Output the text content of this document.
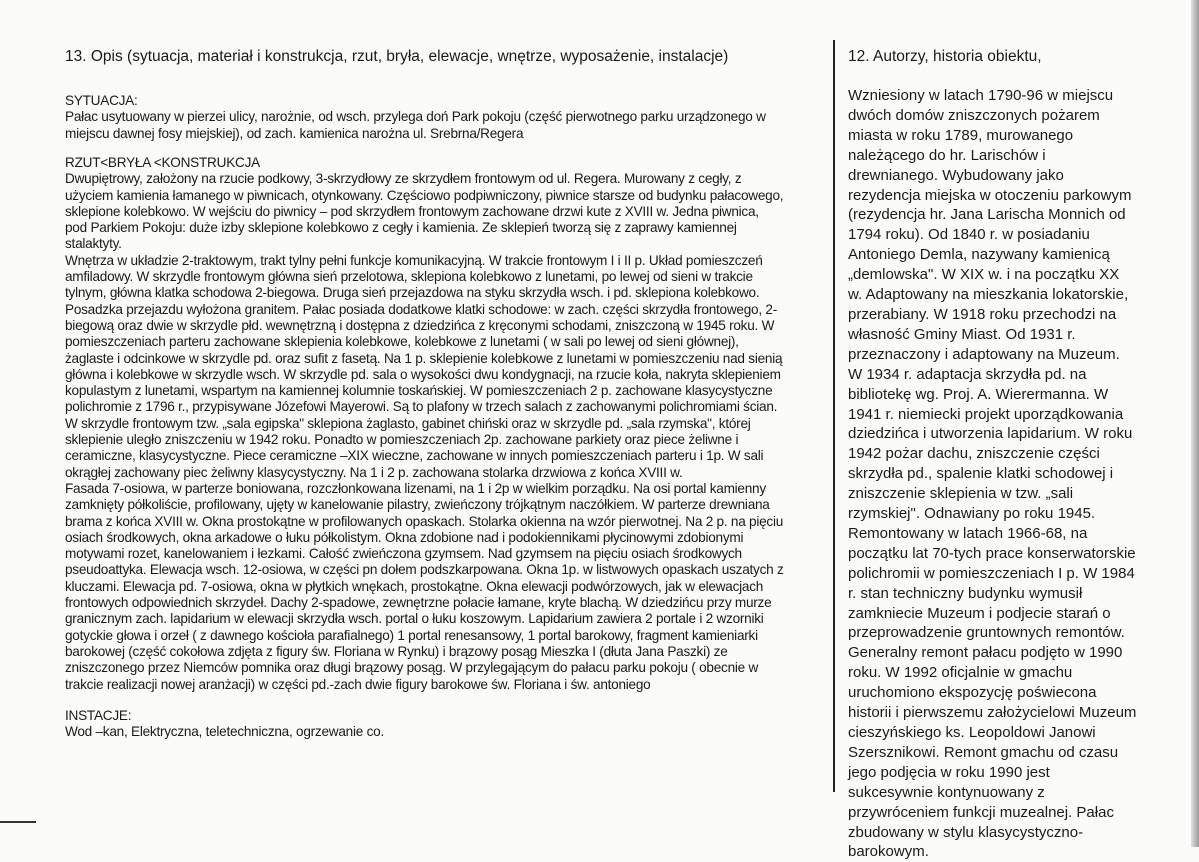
13. Opis (sytuacja, materiał i konstrukcja, rzut, bryła, elewacje, wnętrze, wyposażenie, instalacje)	12. Autorzy, historia obiektu,
SYTUACJA:
Pałac usytuowany w pierzei ulicy, narożnie, od wsch. przylega doń Park pokoju (część pierwotnego parku urządzonego w
miejscu dawnej fosy miejskiej), od zach. kamienica narożna ul. Srebrna/Regera
RZUT<BRYŁA <KONSTRUKCJA
Dwupiętrowy, założony na rzucie podkowy, 3-skrzydłowy ze skrzydłem frontowym od ul. Regera. Murowany z cegły, z
użyciem kamienia łamanego w piwnicach, otynkowany. Częściowo podpiwniczony, piwnice starsze od budynku pałacowego,
sklepione kolebkowo. W wejściu do piwnicy – pod skrzydłem frontowym zachowane drzwi kute z XVIII w. Jedna piwnica,
pod Parkiem Pokoju: duże izby sklepione kolebkowo z cegły i kamienia. Ze sklepień tworzą się z zaprawy kamiennej
stalaktyty.
Wnętrza w układzie 2-traktowym, trakt tylny pełni funkcje komunikacyjną. W trakcie frontowym I i II p. Układ pomieszczeń
amfiladowy. W skrzydle frontowym główna sień przelotowa, sklepiona kolebkowo z lunetami, po lewej od sieni w trakcie
tylnym, główna klatka schodowa 2-biegowa. Druga sień przejazdowa na styku skrzydła wsch. i pd. sklepiona kolebkowo.
Posadzka przejazdu wyłożona granitem. Pałac posiada dodatkowe klatki schodowe: w zach. części skrzydła frontowego, 2-
biegową oraz dwie w skrzydle płd. wewnętrzną i dostępna z dziedzińca z kręconymi schodami, zniszczoną w 1945 roku. W
pomieszczeniach parteru zachowane sklepienia kolebkowe, kolebkowe z lunetami ( w sali po lewej od sieni głównej),
żaglaste i odcinkowe w skrzydle pd. oraz sufit z fasetą. Na 1 p. sklepienie kolebkowe z lunetami w pomieszczeniu nad sienią
główna i kolebkowe w skrzydle wsch. W skrzydle pd. sala o wysokości dwu kondygnacji, na rzucie koła, nakryta sklepieniem
kopulastym z lunetami, wspartym na kamiennej kolumnie toskańskiej. W pomieszczeniach 2 p. zachowane klasycystyczne
polichromie z 1796 r., przypisywane Józefowi Mayerowi. Są to plafony w trzech salach z zachowanymi polichromiami ścian.
W skrzydle frontowym tzw. „sala egipska" sklepiona żaglasto, gabinet chiński oraz w skrzydle pd. „sala rzymska", której
sklepienie uległo zniszczeniu w 1942 roku. Ponadto w pomieszczeniach 2p. zachowane parkiety oraz piece żeliwne i
ceramiczne, klasycystyczne. Piece ceramiczne –XIX wieczne, zachowane w innych pomieszczeniach parteru i 1p. W sali
okrągłej zachowany piec żeliwny klasycystyczny. Na 1 i 2 p. zachowana stolarka drzwiowa z końca XVIII w.
Fasada 7-osiowa, w parterze boniowana, rozczłonkowana lizenami, na 1 i 2p w wielkim porządku. Na osi portal kamienny
zamknięty półkoliście, profilowany, ujęty w kanelowanie pilastry, zwieńczony trójkątnym naczółkiem. W parterze drewniana
brama z końca XVIII w. Okna prostokątne w profilowanych opaskach. Stolarka okienna na wzór pierwotnej. Na 2 p. na pięciu
osiach środkowych, okna arkadowe o łuku półkolistym. Okna zdobione nad i podokiennikami płycinowymi zdobionymi
motywami rozet, kanelowaniem i łezkami. Całość zwieńczona gzymsem. Nad gzymsem na pięciu osiach środkowych
pseudoattyka. Elewacja wsch. 12-osiowa, w części pn dołem podszkarpowana. Okna 1p. w listwowych opaskach uszatych z
kluczami. Elewacja pd. 7-osiowa, okna w płytkich wnękach, prostokątne. Okna elewacji podwórzowych, jak w elewacjach
frontowych odpowiednich skrzydeł. Dachy 2-spadowe, zewnętrzne połacie łamane, kryte blachą. W dziedzińcu przy murze
granicznym zach. lapidarium w elewacji skrzydła wsch. portal o łuku koszowym. Lapidarium zawiera 2 portale i 2 wzorniki
gotyckie głowa i orzeł ( z dawnego kościoła parafialnego) 1 portal renesansowy, 1 portal barokowy, fragment kamieniarki
barokowej (część cokołowa zdjęta z figury św. Floriana w Rynku) i brązowy posąg Mieszka I (dłuta Jana Paszki) ze
zniszczonego przez Niemców pomnika oraz długi brązowy posąg. W przylegającym do pałacu parku pokoju ( obecnie w
trakcie realizacji nowej aranżacji) w części pd.-zach dwie figury barokowe św. Floriana i św. antoniego
INSTACJE:
Wod –kan, Elektryczna, teletechniczna, ogrzewanie co.
Wzniesiony w latach 1790-96 w miejscu
dwóch domów zniszczonych pożarem
miasta w roku 1789, murowanego
należącego do hr. Larischów i
drewnianego. Wybudowany jako
rezydencja miejska w otoczeniu parkowym
(rezydencja hr. Jana Larischa Monnich od
1794 roku). Od 1840 r. w posiadaniu
Antoniego Demla, nazywany kamienicą
„demlowska". W XIX w. i na początku XX
w. Adaptowany na mieszkania lokatorskie,
przerabiany. W 1918 roku przechodzi na
własność Gminy Miast. Od 1931 r.
przeznaczony i adaptowany na Muzeum.
W 1934 r. adaptacja skrzydła pd. na
bibliotekę wg. Proj. A. Wierermanna. W
1941 r. niemiecki projekt uporządkowania
dziedzińca i utworzenia lapidarium. W roku
1942 pożar dachu, zniszczenie części
skrzydła pd., spalenie klatki schodowej i
zniszczenie sklepienia w tzw. „sali
rzymskiej". Odnawiany po roku 1945.
Remontowany w latach 1966-68, na
początku lat 70-tych prace konserwatorskie
polichromii w pomieszczeniach I p. W 1984
r. stan techniczny budynku wymusił
zamkniecie Muzeum i podjecie starań o
przeprowadzenie gruntownych remontów.
Generalny remont pałacu podjęto w 1990
roku. W 1992 oficjalnie w gmachu
uruchomiono ekspozycję poświecona
historii i pierwszemu założycielowi Muzeum
cieszyńskiego ks. Leopoldowi Janowi
Szersznikowi. Remont gmachu od czasu
jego podjęcia w roku 1990 jest
sukcesywnie kontynuowany z
przywróceniem funkcji muzealnej. Pałac
zbudowany w stylu klasycystyczno-
barokowym.
